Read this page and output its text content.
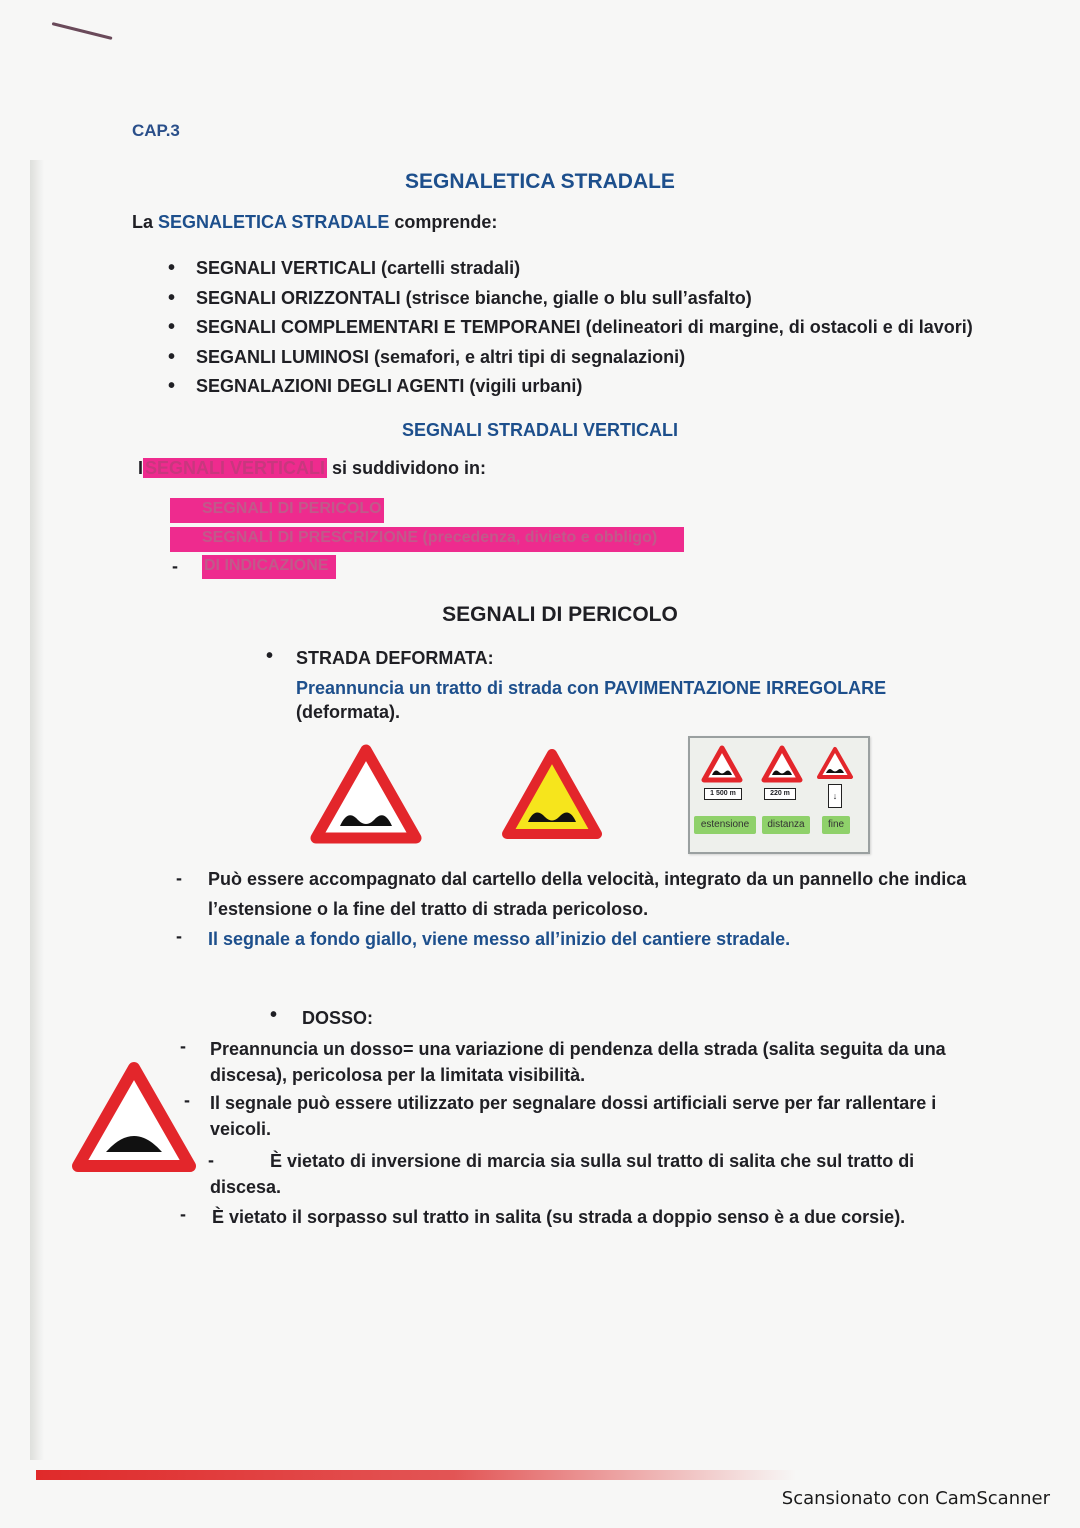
CAP.3
SEGNALETICA STRADALE
La SEGNALETICA STRADALE comprende:
• SEGNALI VERTICALI (cartelli stradali)
• SEGNALI ORIZZONTALI (strisce bianche, gialle o blu sull’asfalto)
• SEGNALI COMPLEMENTARI E TEMPORANEI (delineatori di margine, di ostacoli e di lavori)
• SEGANLI LUMINOSI (semafori, e altri tipi di segnalazioni)
• SEGNALAZIONI DEGLI AGENTI (vigili urbani)
SEGNALI STRADALI VERTICALI
I SEGNALI VERTICALI si suddividono in:
SEGNALI DI PERICOLO
SEGNALI DI PRESCRIZIONE (precedenza, divieto e obbligo)
- DI INDICAZIONE
SEGNALI DI PERICOLO
• STRADA DEFORMATA:
Preannuncia un tratto di strada con PAVIMENTAZIONE IRREGOLARE
(deformata).
1 500 m	220 m	↓
estensione	distanza	fine
- Può essere accompagnato dal cartello della velocità, integrato da un pannello che indica
l’estensione o la fine del tratto di strada pericoloso.
- Il segnale a fondo giallo, viene messo all’inizio del cantiere stradale.
• DOSSO:
- Preannuncia un dosso= una variazione di pendenza della strada (salita seguita da una
discesa), pericolosa per la limitata visibilità.
- Il segnale può essere utilizzato per segnalare dossi artificiali serve per far rallentare i
veicoli.
-	È vietato di inversione di marcia sia sulla sul tratto di salita che sul tratto di
discesa.
- È vietato il sorpasso sul tratto in salita (su strada a doppio senso è a due corsie).
Scansionato con CamScanner
